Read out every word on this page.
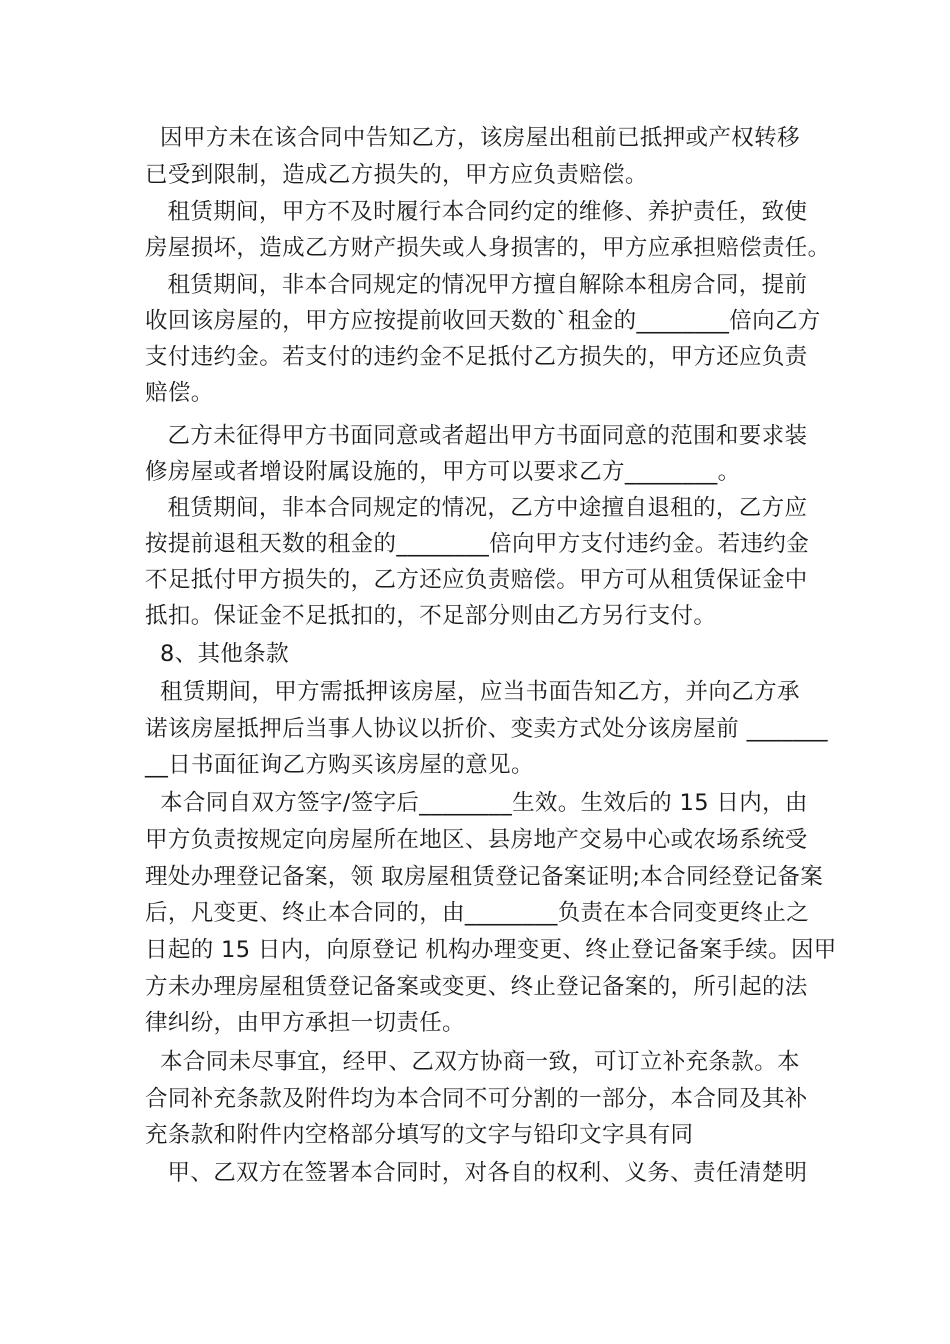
因甲方未在该合同中告知乙方，该房屋出租前已抵押或产权转移
已受到限制，造成乙方损失的，甲方应负责赔偿。
租赁期间，甲方不及时履行本合同约定的维修、养护责任，致使
房屋损坏，造成乙方财产损失或人身损害的，甲方应承担赔偿责任。
租赁期间，非本合同规定的情况甲方擅自解除本租房合同，提前
收回该房屋的，甲方应按提前收回天数的`租金的________倍向乙方
支付违约金。若支付的违约金不足抵付乙方损失的，甲方还应负责
赔偿。
乙方未征得甲方书面同意或者超出甲方书面同意的范围和要求装
修房屋或者增设附属设施的，甲方可以要求乙方________。
租赁期间，非本合同规定的情况，乙方中途擅自退租的，乙方应
按提前退租天数的租金的________倍向甲方支付违约金。若违约金
不足抵付甲方损失的，乙方还应负责赔偿。甲方可从租赁保证金中
抵扣。保证金不足抵扣的，不足部分则由乙方另行支付。
8、其他条款
租赁期间，甲方需抵押该房屋，应当书面告知乙方，并向乙方承
诺该房屋抵押后当事人协议以折价、变卖方式处分该房屋前 _______
__日书面征询乙方购买该房屋的意见。
本合同自双方签字/签字后________生效。生效后的 15 日内，由
甲方负责按规定向房屋所在地区、县房地产交易中心或农场系统受
理处办理登记备案，领 取房屋租赁登记备案证明;本合同经登记备案
后，凡变更、终止本合同的，由________负责在本合同变更终止之
日起的 15 日内，向原登记 机构办理变更、终止登记备案手续。因甲
方未办理房屋租赁登记备案或变更、终止登记备案的，所引起的法
律纠纷，由甲方承担一切责任。
本合同未尽事宜，经甲、乙双方协商一致，可订立补充条款。本
合同补充条款及附件均为本合同不可分割的一部分，本合同及其补
充条款和附件内空格部分填写的文字与铅印文字具有同
甲、乙双方在签署本合同时，对各自的权利、义务、责任清楚明
